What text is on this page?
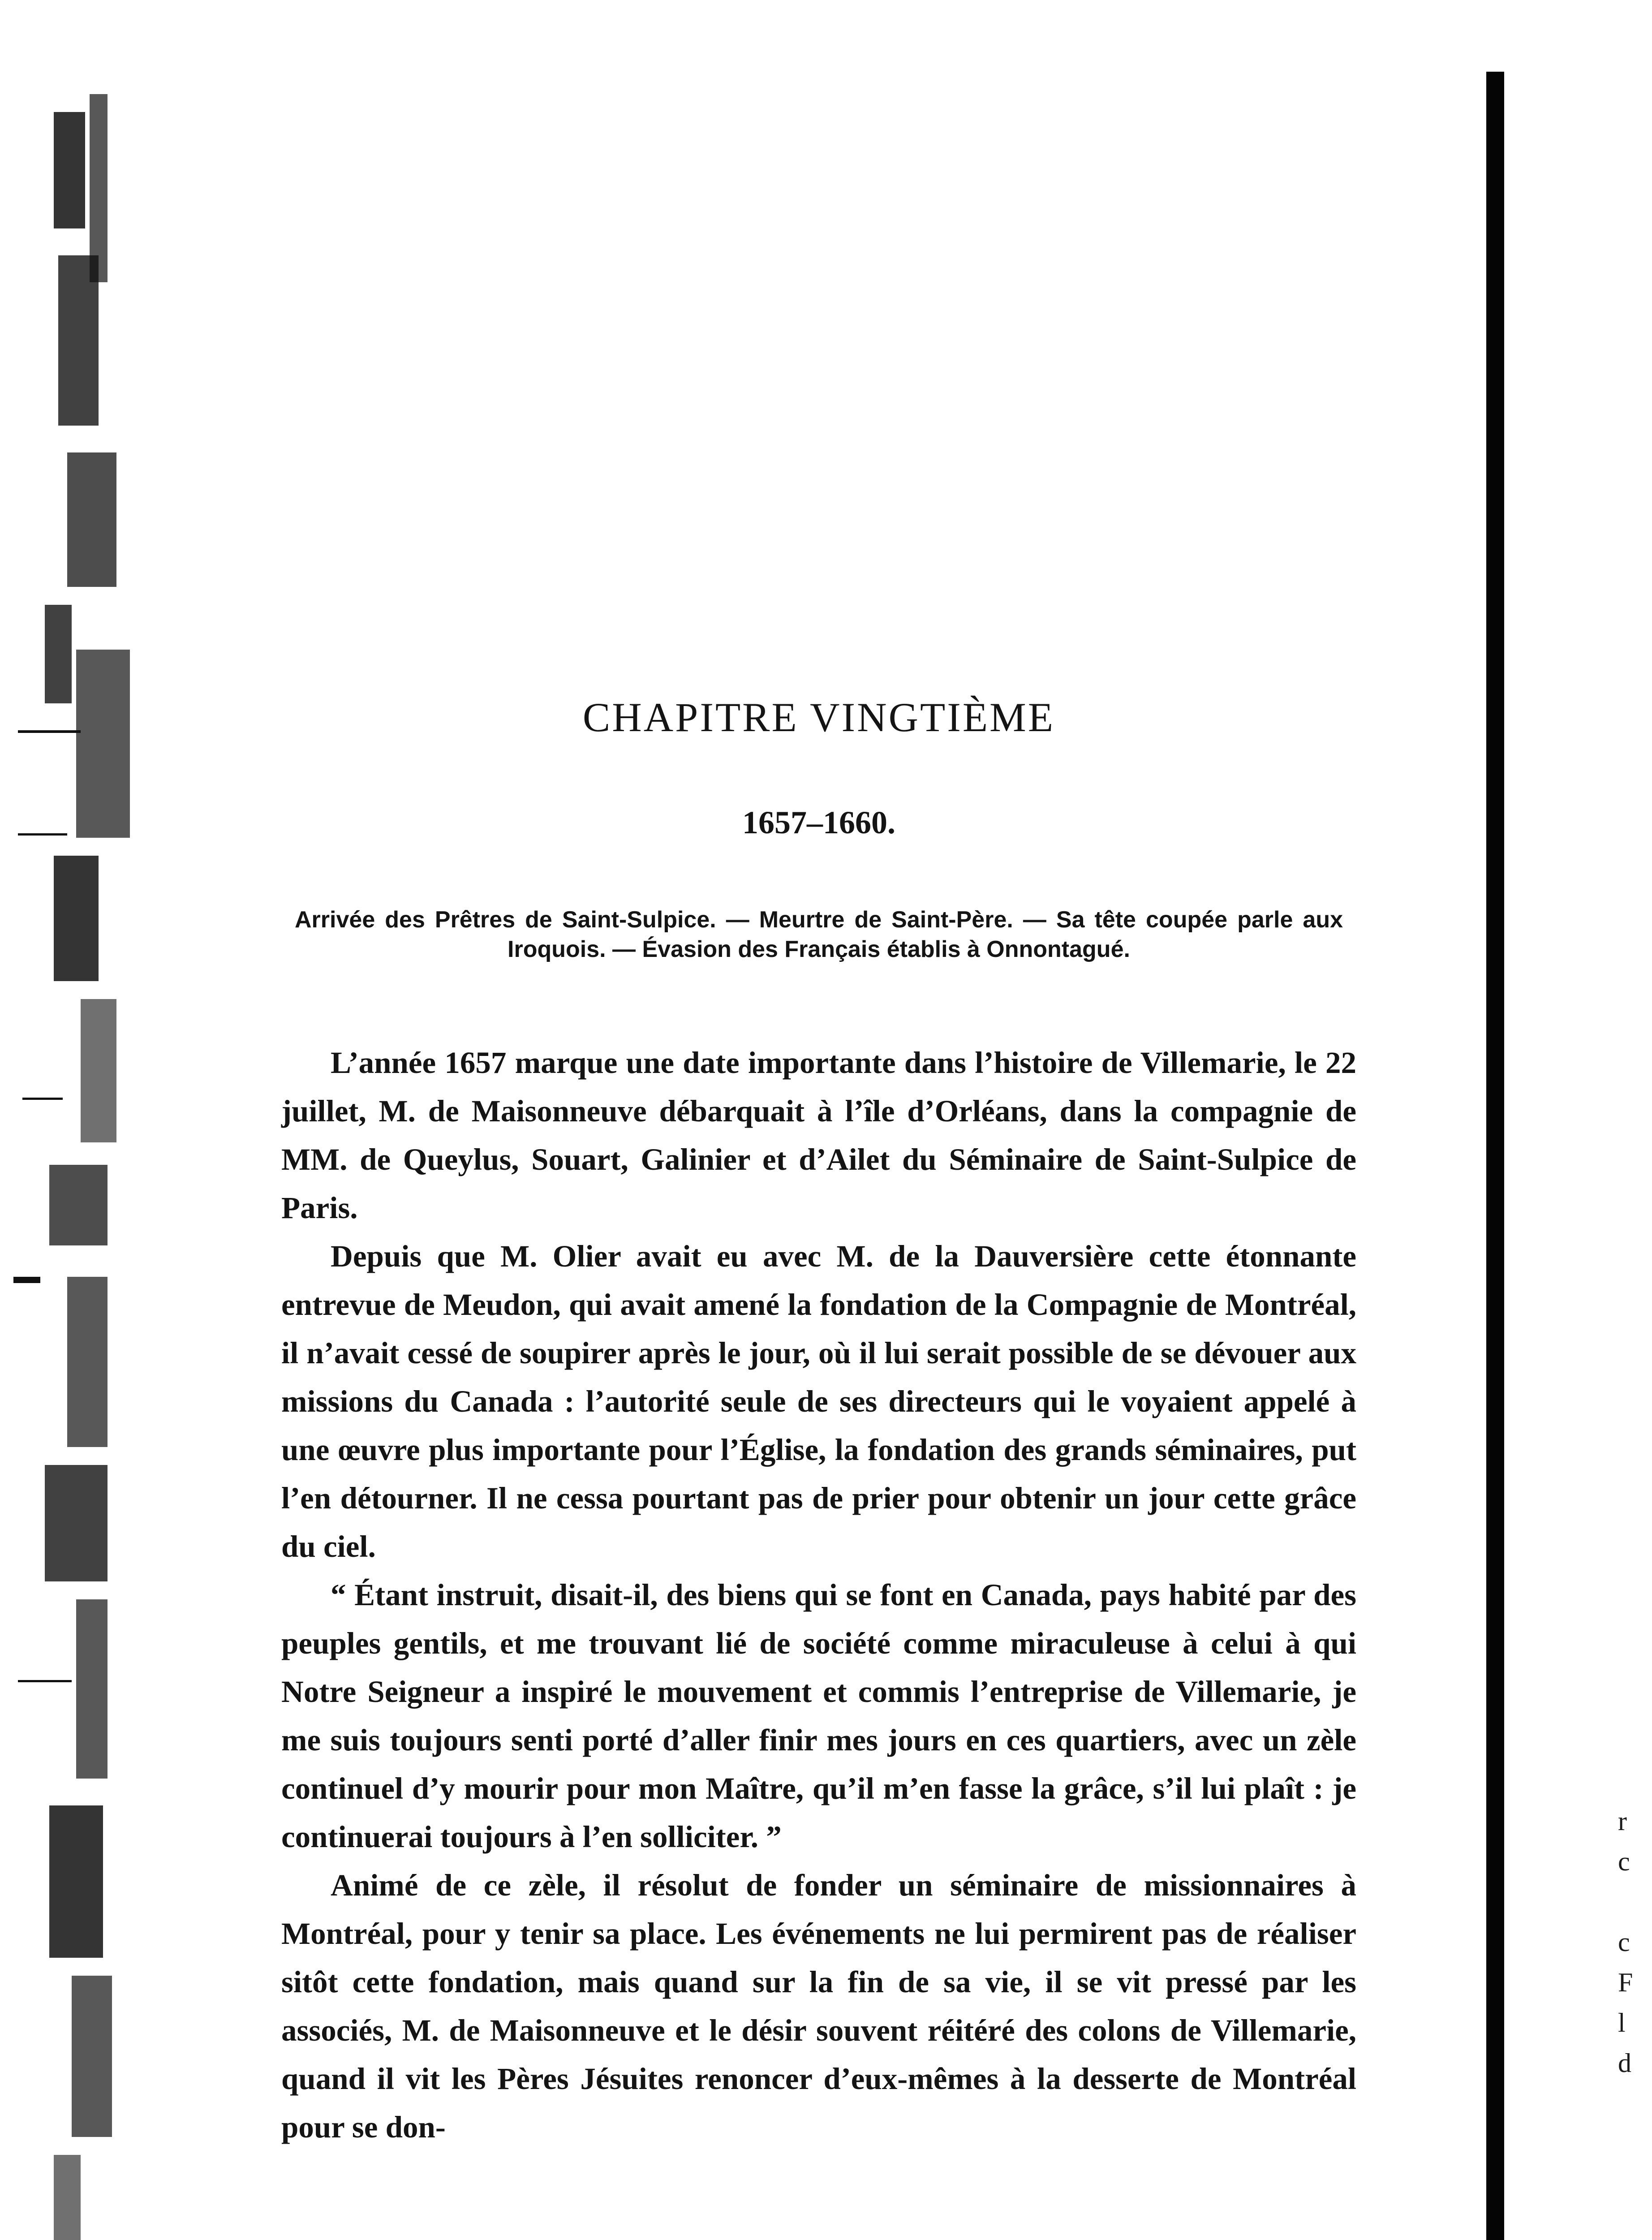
r
c
c
F
l
d
CHAPITRE VINGTIÈME
1657–1660.

Arrivée des Prêtres de Saint-Sulpice. — Meurtre de Saint-Père. — Sa tête coupée parle aux Iroquois. — Évasion des Français établis à Onnontagué.

L’année 1657 marque une date importante dans l’histoire de Villemarie, le 22 juillet, M. de Maisonneuve débarquait à l’île d’Orléans, dans la compagnie de MM. de Queylus, Souart, Galinier et d’Ailet du Séminaire de Saint-Sulpice de Paris.

Depuis que M. Olier avait eu avec M. de la Dauversière cette étonnante entrevue de Meudon, qui avait amené la fondation de la Compagnie de Montréal, il n’avait cessé de soupirer après le jour, où il lui serait possible de se dévouer aux missions du Canada : l’autorité seule de ses directeurs qui le voyaient appelé à une œuvre plus importante pour l’Église, la fondation des grands séminaires, put l’en détourner. Il ne cessa pourtant pas de prier pour obtenir un jour cette grâce du ciel.

“ Étant instruit, disait-il, des biens qui se font en Canada, pays habité par des peuples gentils, et me trouvant lié de société comme miraculeuse à celui à qui Notre Seigneur a inspiré le mouvement et commis l’entreprise de Villemarie, je me suis toujours senti porté d’aller finir mes jours en ces quartiers, avec un zèle continuel d’y mourir pour mon Maître, qu’il m’en fasse la grâce, s’il lui plaît : je continuerai toujours à l’en solliciter. ”

Animé de ce zèle, il résolut de fonder un séminaire de missionnaires à Montréal, pour y tenir sa place. Les événements ne lui permirent pas de réaliser sitôt cette fondation, mais quand sur la fin de sa vie, il se vit pressé par les associés, M. de Maisonneuve et le désir souvent réitéré des colons de Villemarie, quand il vit les Pères Jésuites renoncer d’eux-mêmes à la desserte de Montréal pour se don-
